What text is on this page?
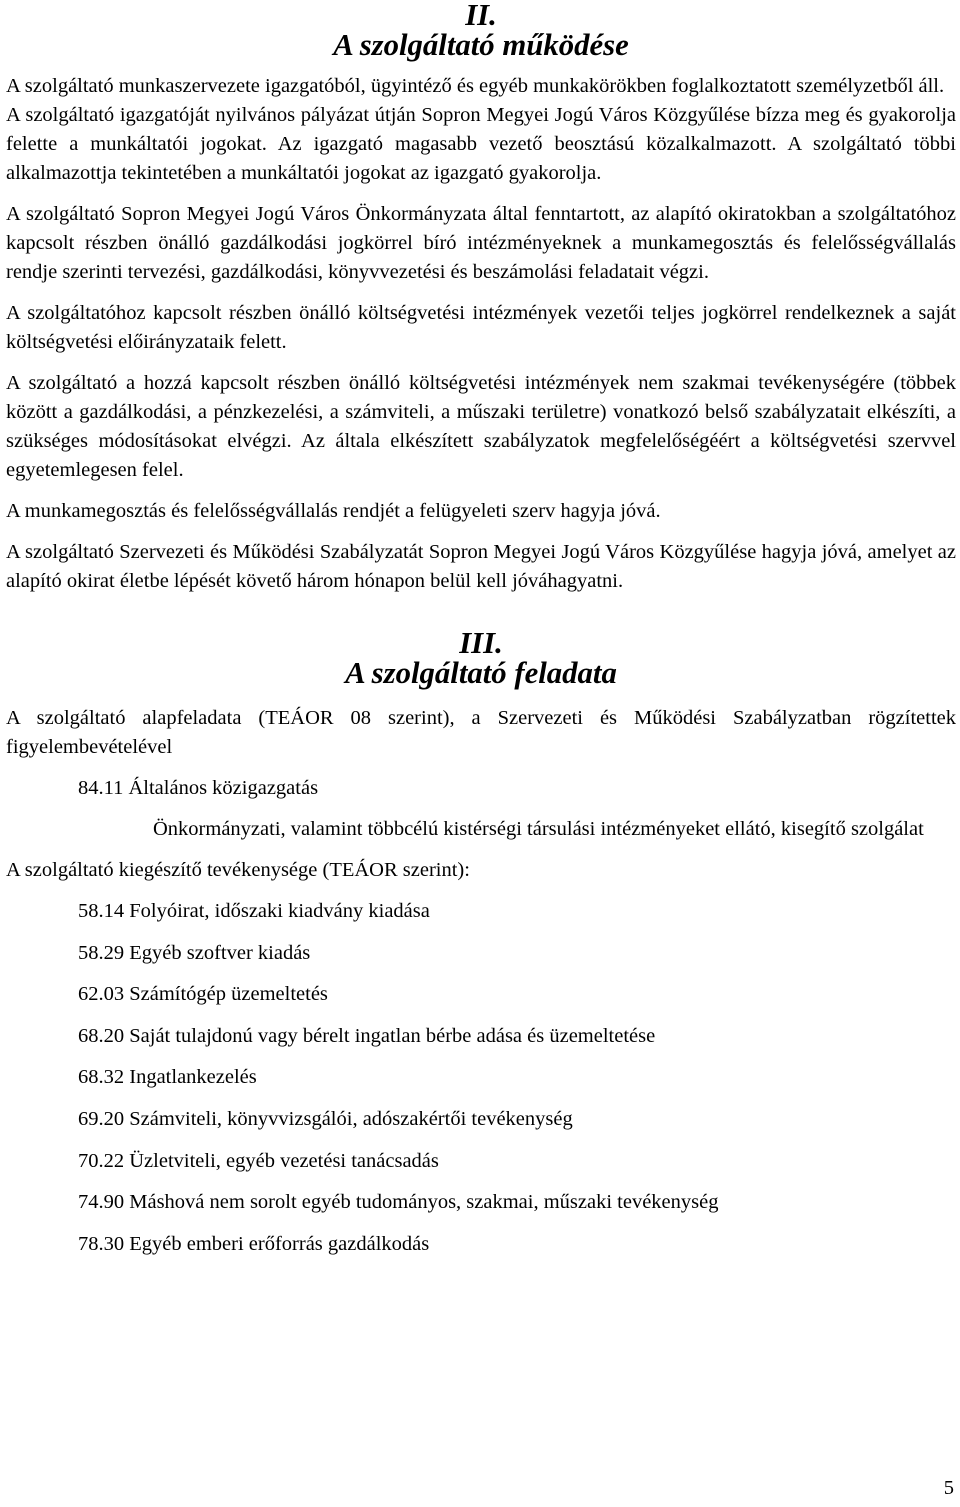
II.
A szolgáltató működése

A szolgáltató munkaszervezete igazgatóból, ügyintéző és egyéb munkakörökben foglalkoztatott személyzetből áll.

A szolgáltató igazgatóját nyilvános pályázat útján Sopron Megyei Jogú Város Közgyűlése bízza meg és gyakorolja felette a munkáltatói jogokat. Az igazgató magasabb vezető beosztású közalkalmazott. A szolgáltató többi alkalmazottja tekintetében a munkáltatói jogokat az igazgató gyakorolja.

A szolgáltató Sopron Megyei Jogú Város Önkormányzata által fenntartott, az alapító okiratokban a szolgáltatóhoz kapcsolt részben önálló gazdálkodási jogkörrel bíró intézményeknek a munkamegosztás és felelősségvállalás rendje szerinti tervezési, gazdálkodási, könyvvezetési és beszámolási feladatait végzi.

A szolgáltatóhoz kapcsolt részben önálló költségvetési intézmények vezetői teljes jogkörrel rendelkeznek a saját költségvetési előirányzataik felett.

A szolgáltató a hozzá kapcsolt részben önálló költségvetési intézmények nem szakmai tevékenységére (többek között a gazdálkodási, a pénzkezelési, a számviteli, a műszaki területre) vonatkozó belső szabályzatait elkészíti, a szükséges módosításokat elvégzi. Az általa elkészített szabályzatok megfelelőségéért a költségvetési szervvel egyetemlegesen felel.

A munkamegosztás és felelősségvállalás rendjét a felügyeleti szerv hagyja jóvá.

A szolgáltató Szervezeti és Működési Szabályzatát Sopron Megyei Jogú Város Közgyűlése hagyja jóvá, amelyet az alapító okirat életbe lépését követő három hónapon belül kell jóváhagyatni.

III.
A szolgáltató feladata

A szolgáltató alapfeladata (TEÁOR 08 szerint), a Szervezeti és Működési Szabályzatban rögzítettek figyelembevételével

84.11 Általános közigazgatás
Önkormányzati, valamint többcélú kistérségi társulási intézményeket ellátó, kisegítő szolgálat

A szolgáltató kiegészítő tevékenysége (TEÁOR szerint):

58.14 Folyóirat, időszaki kiadvány kiadása
58.29 Egyéb szoftver kiadás
62.03 Számítógép üzemeltetés
68.20 Saját tulajdonú vagy bérelt ingatlan bérbe adása és üzemeltetése
68.32 Ingatlankezelés
69.20 Számviteli, könyvvizsgálói, adószakértői tevékenység
70.22 Üzletviteli, egyéb vezetési tanácsadás
74.90 Máshová nem sorolt egyéb tudományos, szakmai, műszaki tevékenység
78.30 Egyéb emberi erőforrás gazdálkodás
5
